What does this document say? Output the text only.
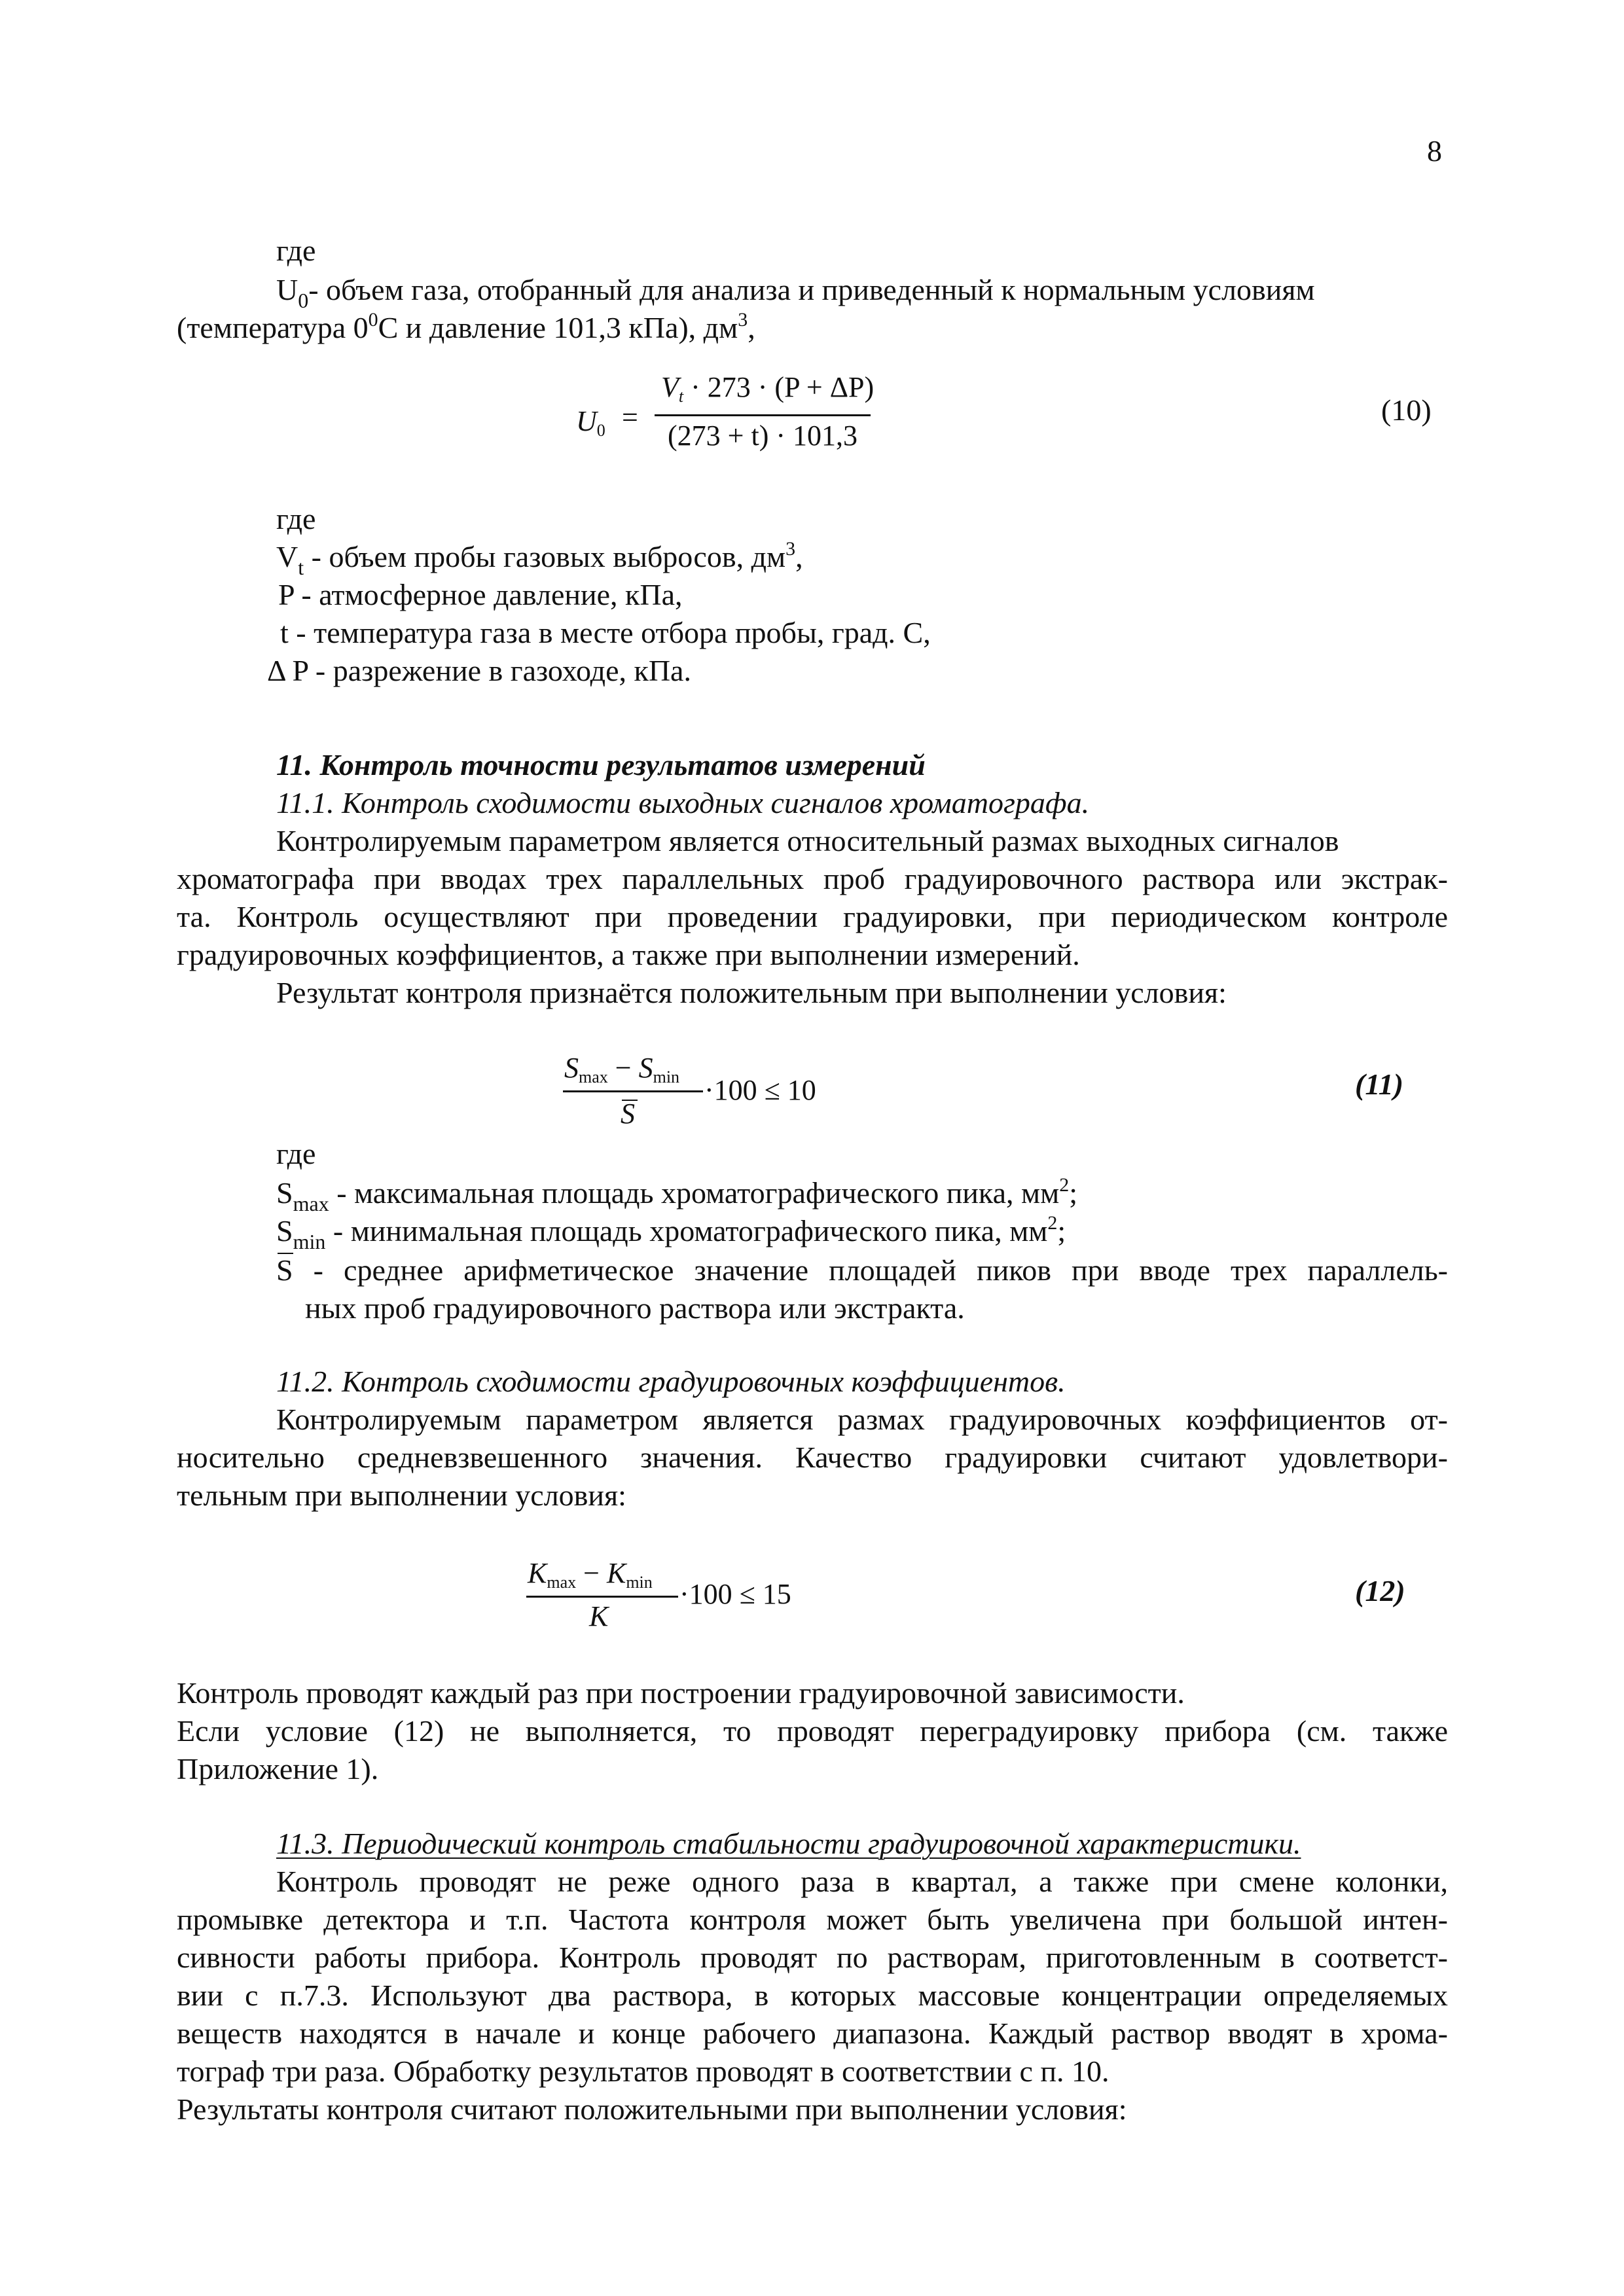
8
где
$U_0-$ объем газа, отобранный для анализа и приведенный к нормальным условиям
(температура $0^0С$ и давление 101,3 кПа), $дм^3$,
U0 =
Vt · 273 · (P + ΔP)
(273 + t) · 101,3
(10)
где
$V_t$ - объем пробы газовых выбросов, $дм^3$,
P - атмосферное давление, кПа,
t - температура газа в месте отбора пробы, град. С,
Δ P - разрежение в газоходе, кПа.
11. Контроль точности результатов измерений
11.1. Контроль сходимости выходных сигналов хроматографа.
Контролируемым параметром является относительный размах выходных сигналов
хроматографа при вводах трех параллельных проб градуировочного раствора или экстрак-
та. Контроль осуществляют при проведении градуировки, при периодическом контроле
градуировочных коэффициентов, а также при выполнении измерений.
Результат контроля признаётся положительным при выполнении условия:
Smax − Smin
S
·100 ≤ 10	(11)
где
$S_{max}$ - максимальная площадь хроматографического пика, $мм^2$;
$S_{min}$ - минимальная площадь хроматографического пика, $мм^2$;
S - среднее арифметическое значение площадей пиков при вводе трех параллель-
ных проб градуировочного раствора или экстракта.
11.2. Контроль сходимости градуировочных коэффициентов.
Контролируемым параметром является размах градуировочных коэффициентов от-
носительно средневзвешенного значения. Качество градуировки считают удовлетвори-
тельным при выполнении условия:
Kmax − Kmin
K
·100 ≤ 15	(12)
Контроль проводят каждый раз при построении градуировочной зависимости.
Если условие (12) не выполняется, то проводят переградуировку прибора (см. также
Приложение 1).
11.3. Периодический контроль стабильности градуировочной характеристики.
Контроль проводят не реже одного раза в квартал, а также при смене колонки,
промывке детектора и т.п. Частота контроля может быть увеличена при большой интен-
сивности работы прибора. Контроль проводят по растворам, приготовленным в соответст-
вии с п.7.3. Используют два раствора, в которых массовые концентрации определяемых
веществ находятся в начале и конце рабочего диапазона. Каждый раствор вводят в хрома-
тограф три раза. Обработку результатов проводят в соответствии с п. 10.
Результаты контроля считают положительными при выполнении условия:
